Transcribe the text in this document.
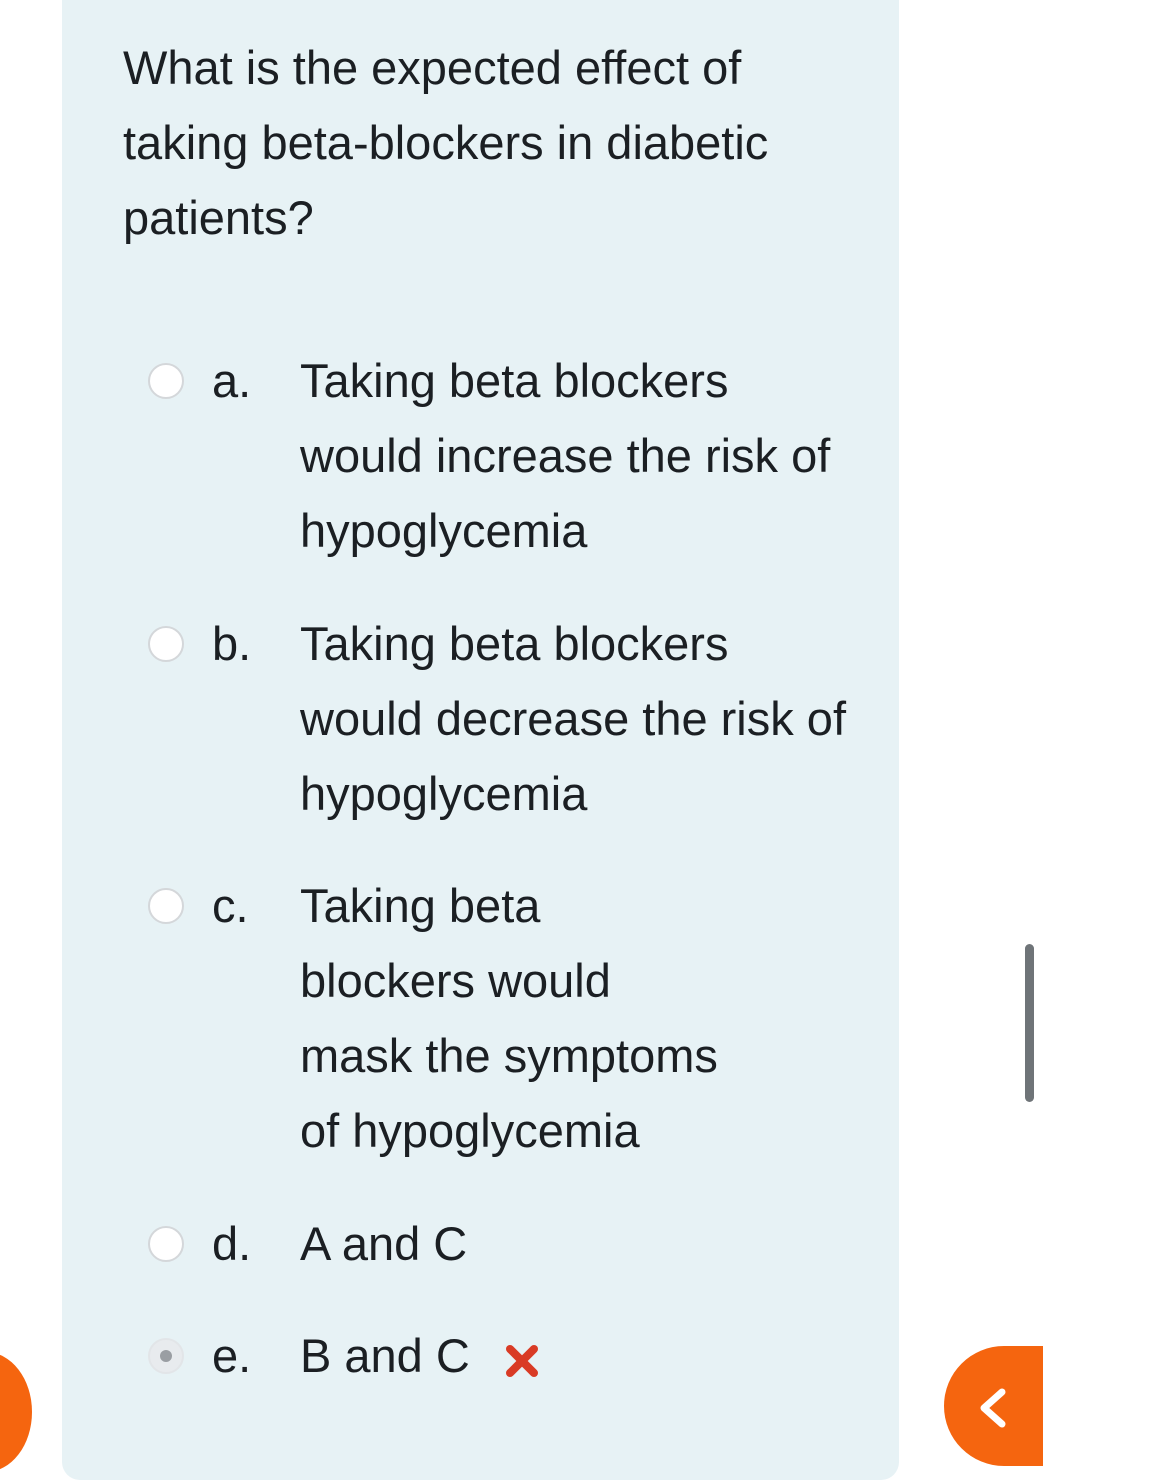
What is the expected effect of
taking beta-blockers in diabetic
patients?
a. Taking beta blockers would increase the risk of hypoglycemia
b. Taking beta blockers would decrease the risk of hypoglycemia
c. Taking beta blockers would mask the symptoms of hypoglycemia
d. A and C
e. B and C
